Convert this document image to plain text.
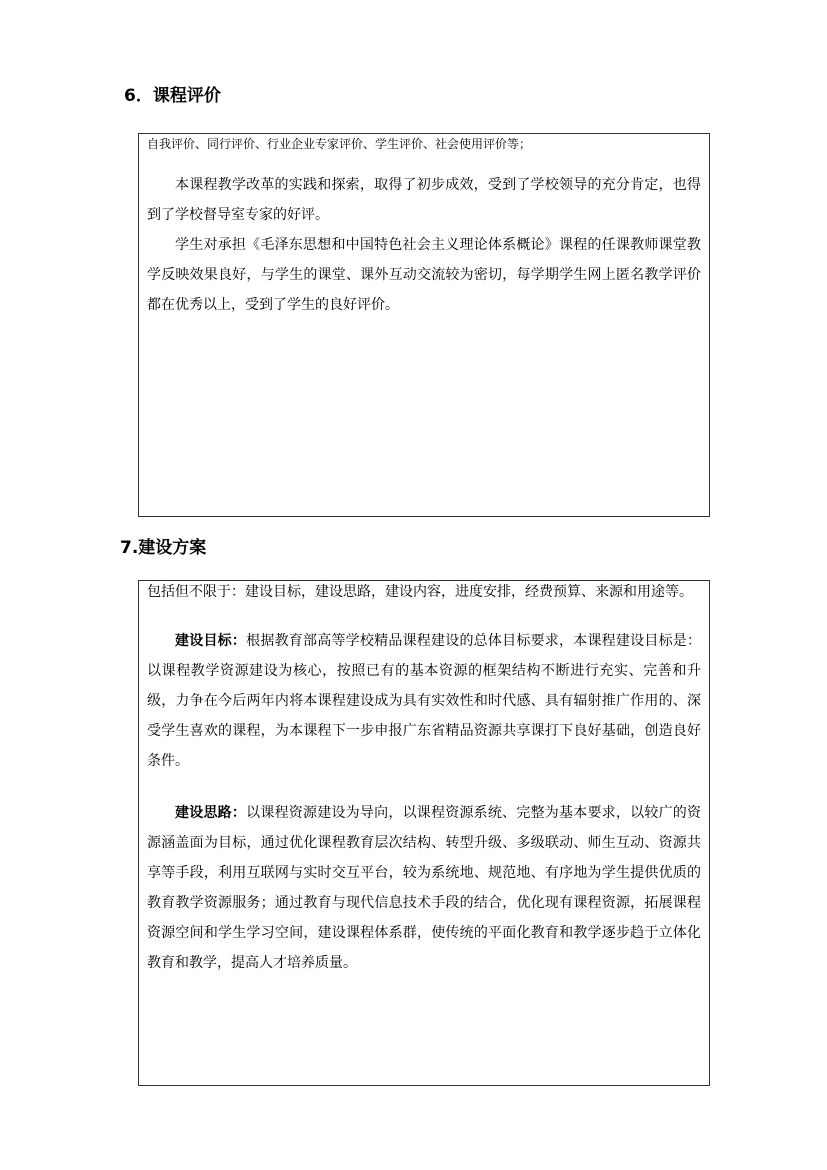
6．课程评价

自我评价、同行评价、行业企业专家评价、学生评价、社会使用评价等；

本课程教学改革的实践和探索，取得了初步成效，受到了学校领导的充分肯定，也得到了学校督导室专家的好评。

学生对承担《毛泽东思想和中国特色社会主义理论体系概论》课程的任课教师课堂教学反映效果良好，与学生的课堂、课外互动交流较为密切，每学期学生网上匿名教学评价都在优秀以上，受到了学生的良好评价。

7.建设方案

包括但不限于：建设目标，建设思路，建设内容，进度安排，经费预算、来源和用途等。

建设目标：根据教育部高等学校精品课程建设的总体目标要求，本课程建设目标是：以课程教学资源建设为核心，按照已有的基本资源的框架结构不断进行充实、完善和升级，力争在今后两年内将本课程建设成为具有实效性和时代感、具有辐射推广作用的、深受学生喜欢的课程，为本课程下一步申报广东省精品资源共享课打下良好基础，创造良好条件。

建设思路：以课程资源建设为导向，以课程资源系统、完整为基本要求，以较广的资源涵盖面为目标，通过优化课程教育层次结构、转型升级、多级联动、师生互动、资源共享等手段，利用互联网与实时交互平台，较为系统地、规范地、有序地为学生提供优质的教育教学资源服务；通过教育与现代信息技术手段的结合，优化现有课程资源，拓展课程资源空间和学生学习空间，建设课程体系群，使传统的平面化教育和教学逐步趋于立体化教育和教学，提高人才培养质量。
